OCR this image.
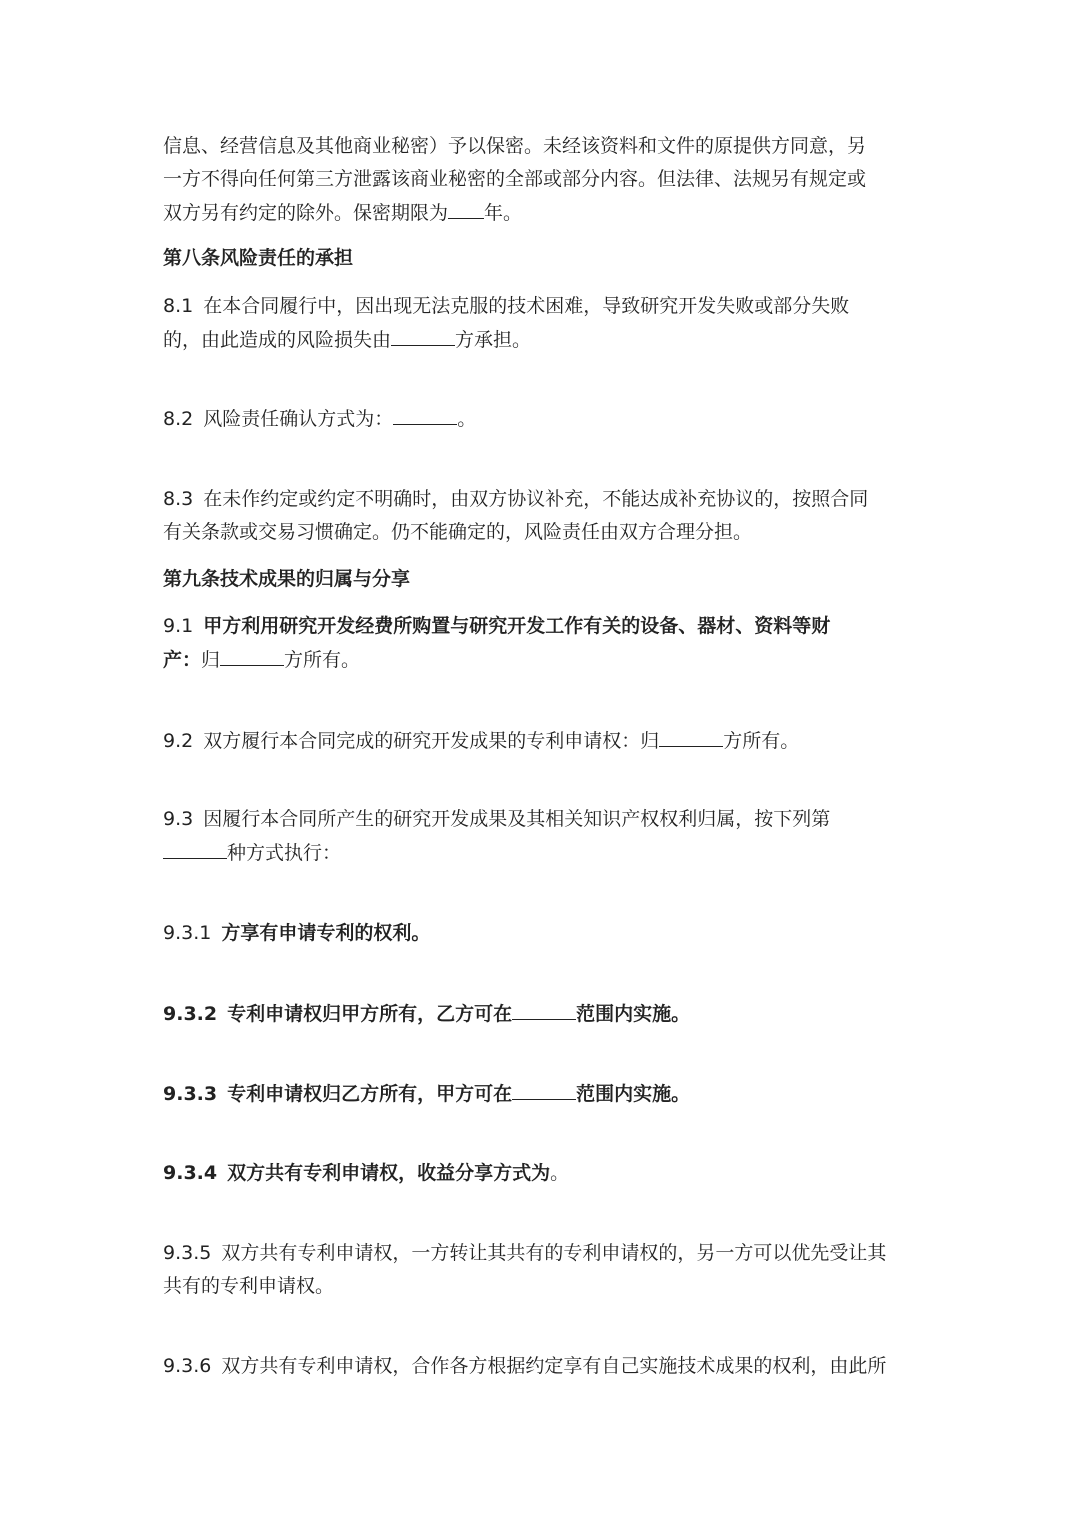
信息、经营信息及其他商业秘密）予以保密。未经该资料和文件的原提供方同意，另
一方不得向任何第三方泄露该商业秘密的全部或部分内容。但法律、法规另有规定或
双方另有约定的除外。保密期限为 年。

第八条风险责任的承担

8.1 在本合同履行中，因出现无法克服的技术困难，导致研究开发失败或部分失败
的，由此造成的风险损失由	方承担。

8.2 风险责任确认方式为：	。

8.3 在未作约定或约定不明确时，由双方协议补充，不能达成补充协议的，按照合同
有关条款或交易习惯确定。仍不能确定的，风险责任由双方合理分担。

第九条技术成果的归属与分享

9.1 甲方利用研究开发经费所购置与研究开发工作有关的设备、器材、资料等财
产：归	方所有。

9.2 双方履行本合同完成的研究开发成果的专利申请权：归	方所有。

9.3 因履行本合同所产生的研究开发成果及其相关知识产权权利归属，按下列第
种方式执行：

9.3.1 方享有申请专利的权利。

9.3.2 专利申请权归甲方所有，乙方可在	范围内实施。

9.3.3 专利申请权归乙方所有，甲方可在	范围内实施。

9.3.4 双方共有专利申请权，收益分享方式为。

9.3.5 双方共有专利申请权，一方转让其共有的专利申请权的，另一方可以优先受让其
共有的专利申请权。

9.3.6 双方共有专利申请权，合作各方根据约定享有自己实施技术成果的权利，由此所
